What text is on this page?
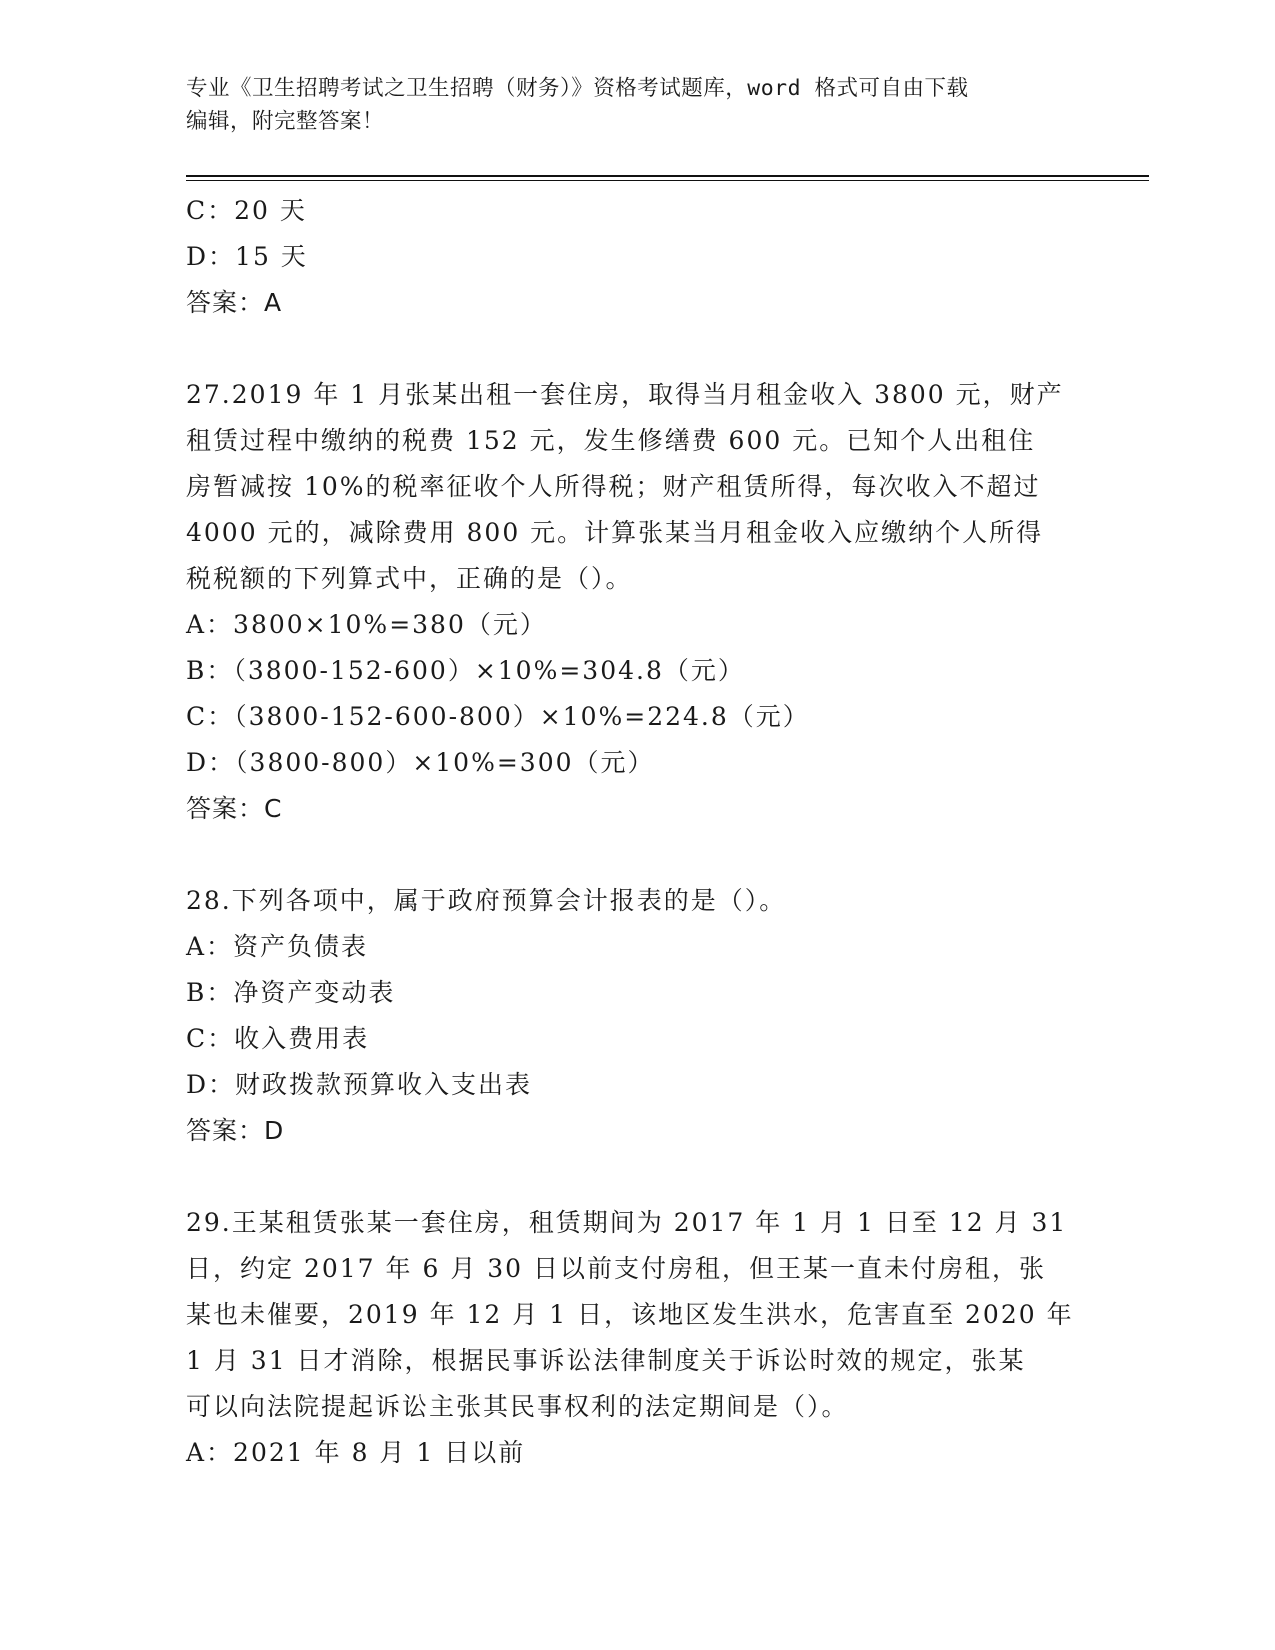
专业《卫生招聘考试之卫生招聘（财务）》资格考试题库，word 格式可自由下载
编辑，附完整答案！
C：20 天
D：15 天
答案：A
27.2019 年 1 月张某出租一套住房，取得当月租金收入 3800 元，财产
租赁过程中缴纳的税费 152 元，发生修缮费 600 元。已知个人出租住
房暂减按 10%的税率征收个人所得税；财产租赁所得，每次收入不超过
4000 元的，减除费用 800 元。计算张某当月租金收入应缴纳个人所得
税税额的下列算式中，正确的是（）。
A：3800×10%=380（元）
B：（3800-152-600）×10%=304.8（元）
C：（3800-152-600-800）×10%=224.8（元）
D：（3800-800）×10%=300（元）
答案：C
28.下列各项中，属于政府预算会计报表的是（）。
A：资产负债表
B：净资产变动表
C：收入费用表
D：财政拨款预算收入支出表
答案：D
29.王某租赁张某一套住房，租赁期间为 2017 年 1 月 1 日至 12 月 31
日，约定 2017 年 6 月 30 日以前支付房租，但王某一直未付房租，张
某也未催要，2019 年 12 月 1 日，该地区发生洪水，危害直至 2020 年
1 月 31 日才消除，根据民事诉讼法律制度关于诉讼时效的规定，张某
可以向法院提起诉讼主张其民事权利的法定期间是（）。
A：2021 年 8 月 1 日以前
